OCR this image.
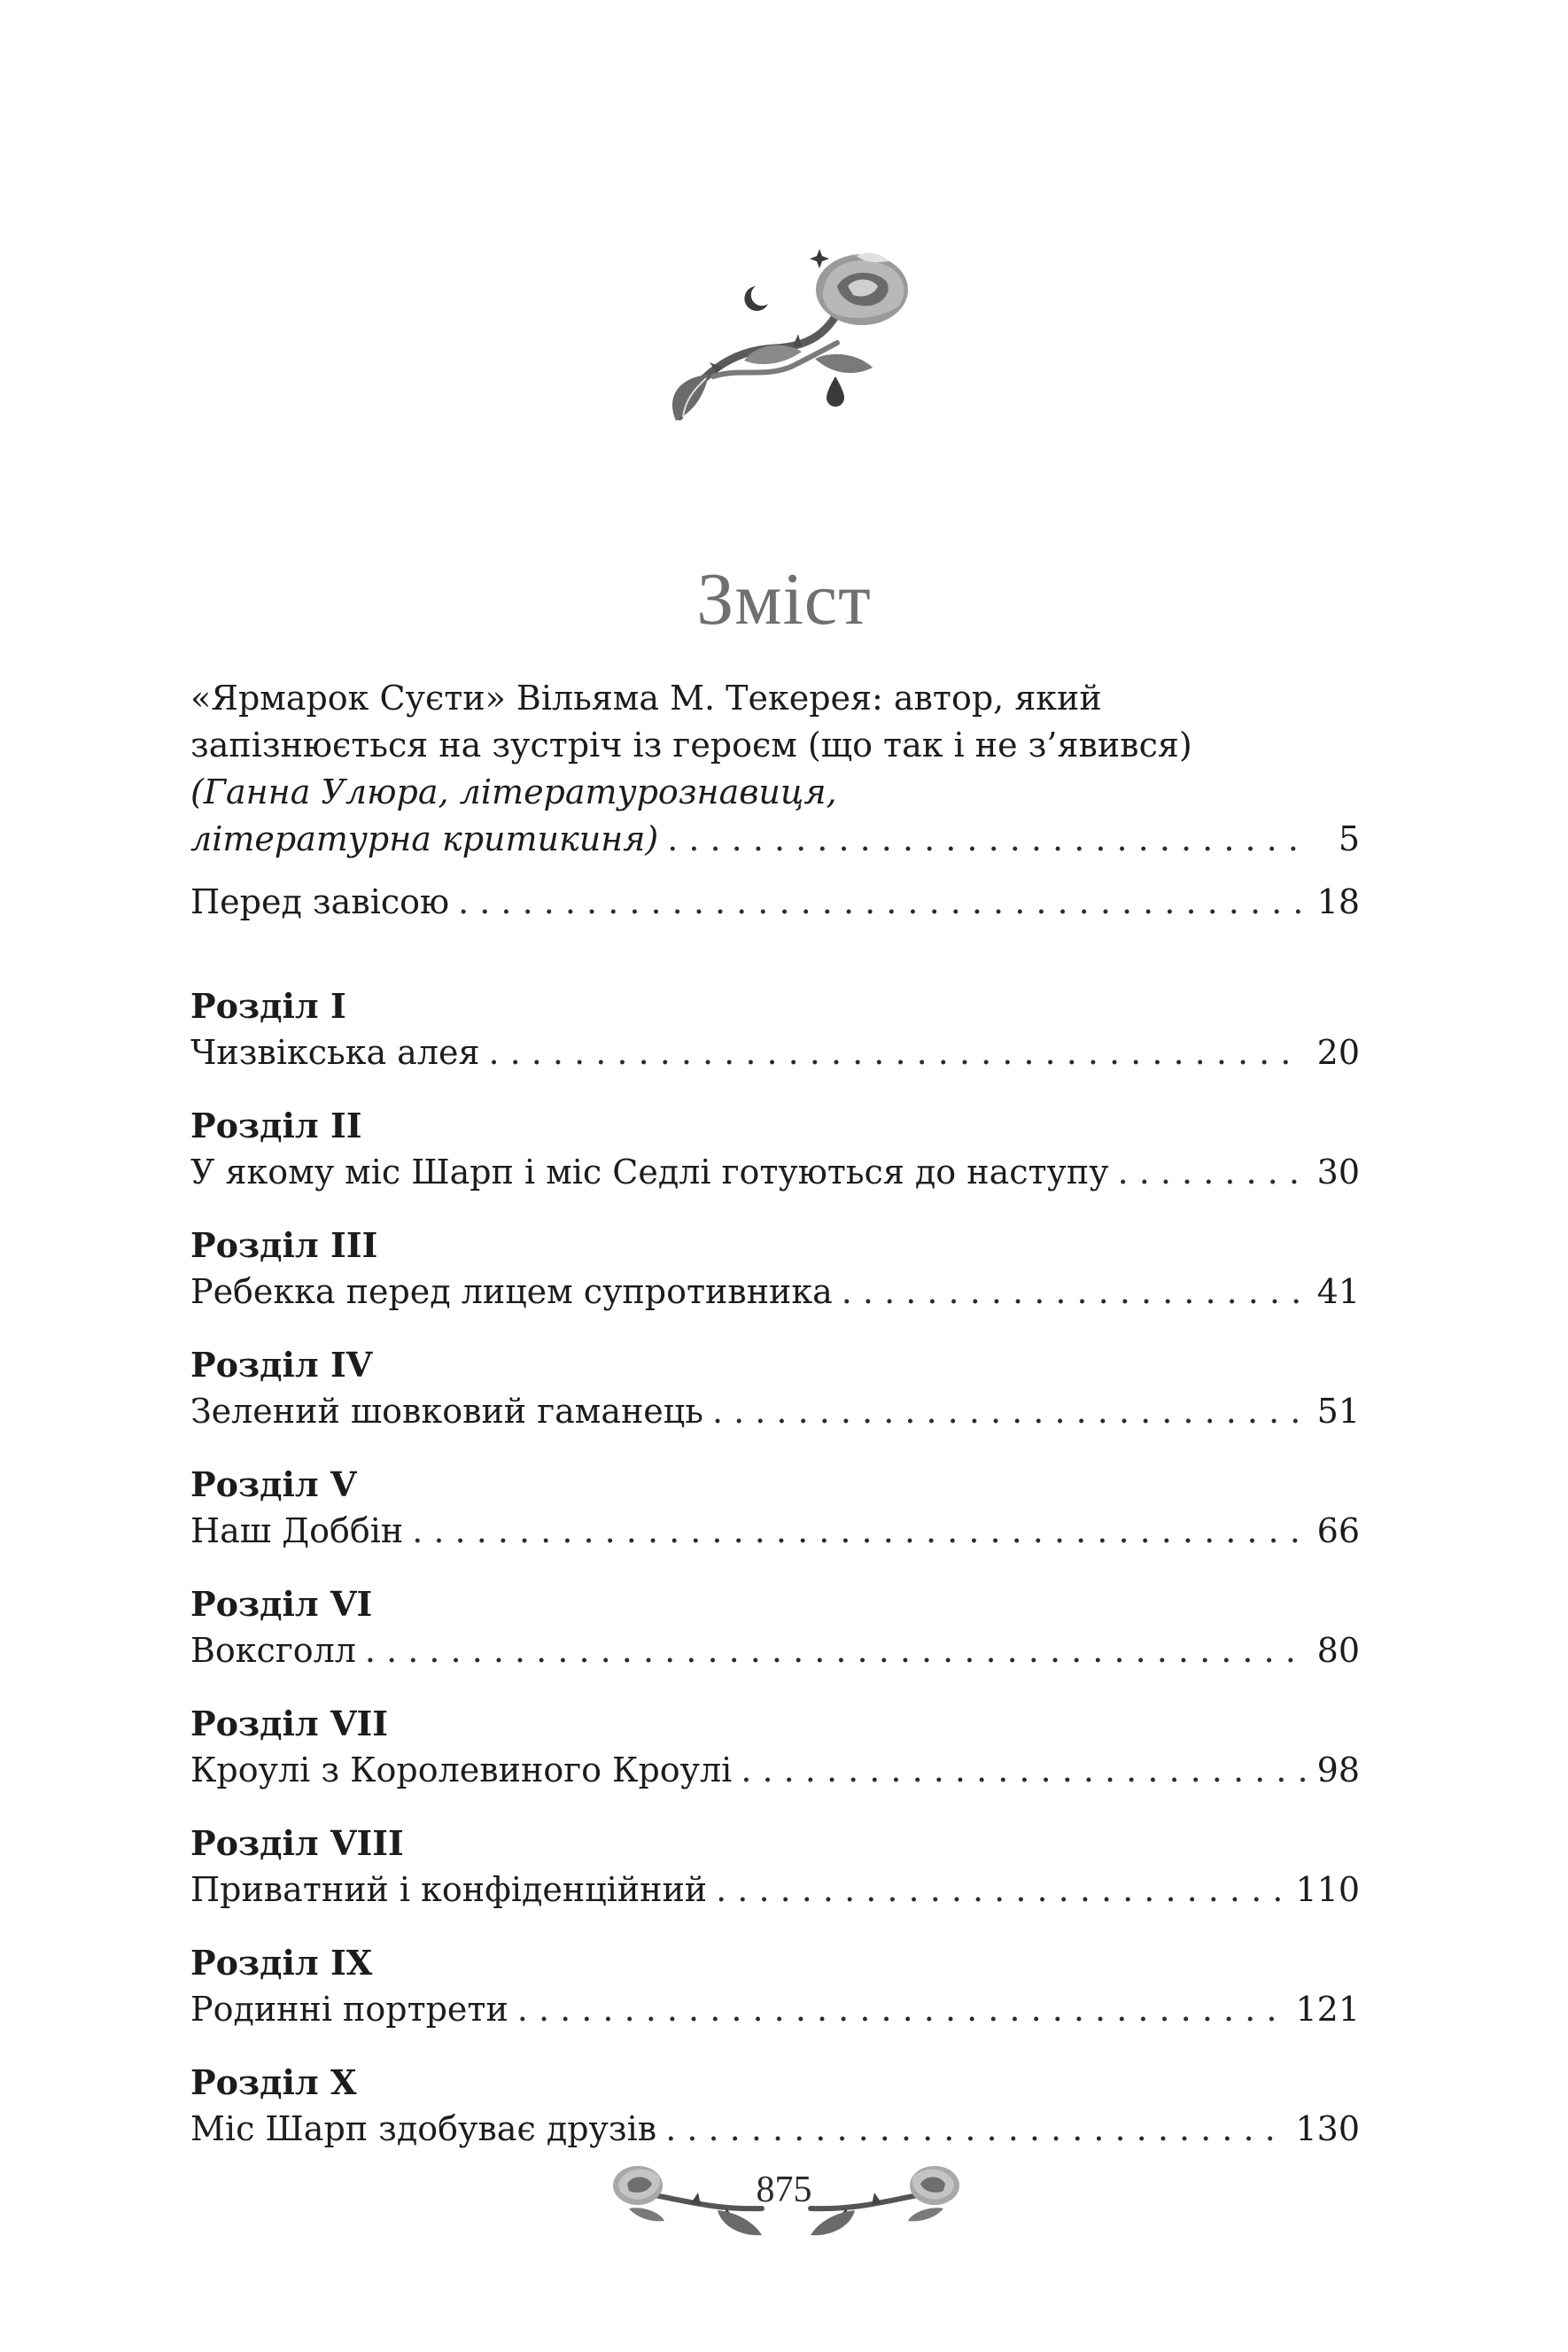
Зміст
«Ярмарок Суєти» Вільяма М. Текерея: автор, який
запізнюється на зустріч із героєм (що так і не з’явився)
(Ганна Улюра, літературознавиця,
літературна критикиня) . . .	5
Перед завісою . . .	18
Розділ I
Чизвікська алея . . .	20
Розділ II
У якому міс Шарп і міс Седлі готуються до наступу . . .	30
Розділ III
Ребекка перед лицем супротивника . . .	41
Розділ IV
Зелений шовковий гаманець . . .	51
Розділ V
Наш Доббін . . .	66
Розділ VI
Воксголл . . .	80
Розділ VII
Кроулі з Королевиного Кроулі . . .	98
Розділ VIII
Приватний і конфіденційний . . .	110
Розділ IX
Родинні портрети . . .	121
Розділ X
Міс Шарп здобуває друзів . . .	130
875
